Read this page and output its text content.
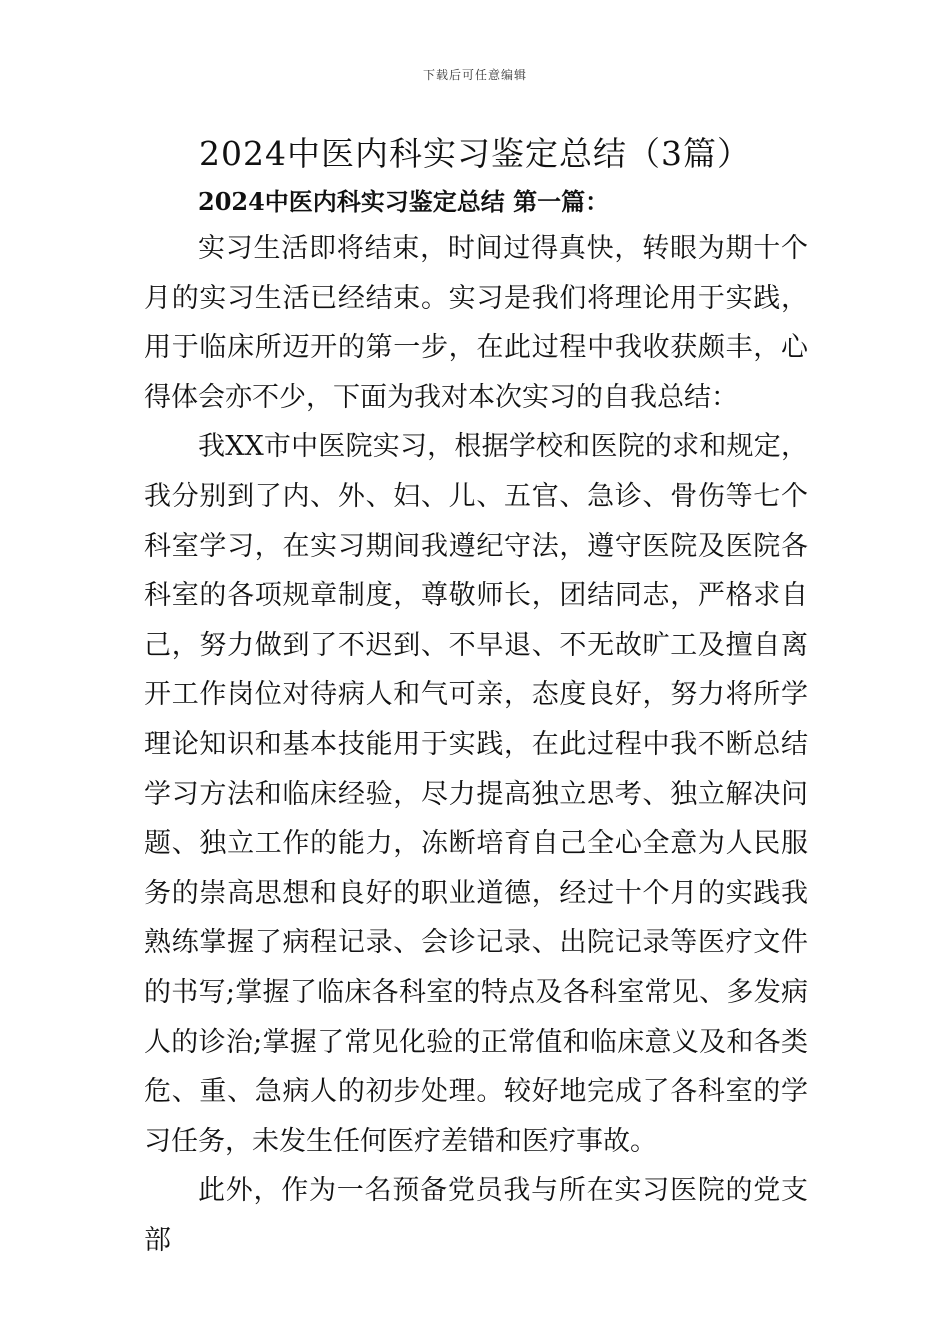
下载后可任意编辑
2024中医内科实习鉴定总结（3篇）
2024中医内科实习鉴定总结 第一篇：

实习生活即将结束，时间过得真快，转眼为期十个月的实习生活已经结束。实习是我们将理论用于实践，用于临床所迈开的第一步，在此过程中我收获颇丰，心得体会亦不少，下面为我对本次实习的自我总结：

我XX市中医院实习，根据学校和医院的求和规定，我分别到了内、外、妇、儿、五官、急诊、骨伤等七个科室学习，在实习期间我遵纪守法，遵守医院及医院各科室的各项规章制度，尊敬师长，团结同志，严格求自己，努力做到了不迟到、不早退、不无故旷工及擅自离开工作岗位对待病人和气可亲，态度良好，努力将所学理论知识和基本技能用于实践，在此过程中我不断总结学习方法和临床经验，尽力提高独立思考、独立解决问题、独立工作的能力，冻断培育自己全心全意为人民服务的崇高思想和良好的职业道德，经过十个月的实践我熟练掌握了病程记录、会诊记录、出院记录等医疗文件的书写;掌握了临床各科室的特点及各科室常见、多发病人的诊治;掌握了常见化验的正常值和临床意义及和各类危、重、急病人的初步处理。较好地完成了各科室的学习任务，未发生任何医疗差错和医疗事故。

此外，作为一名预备党员我与所在实习医院的党支部
